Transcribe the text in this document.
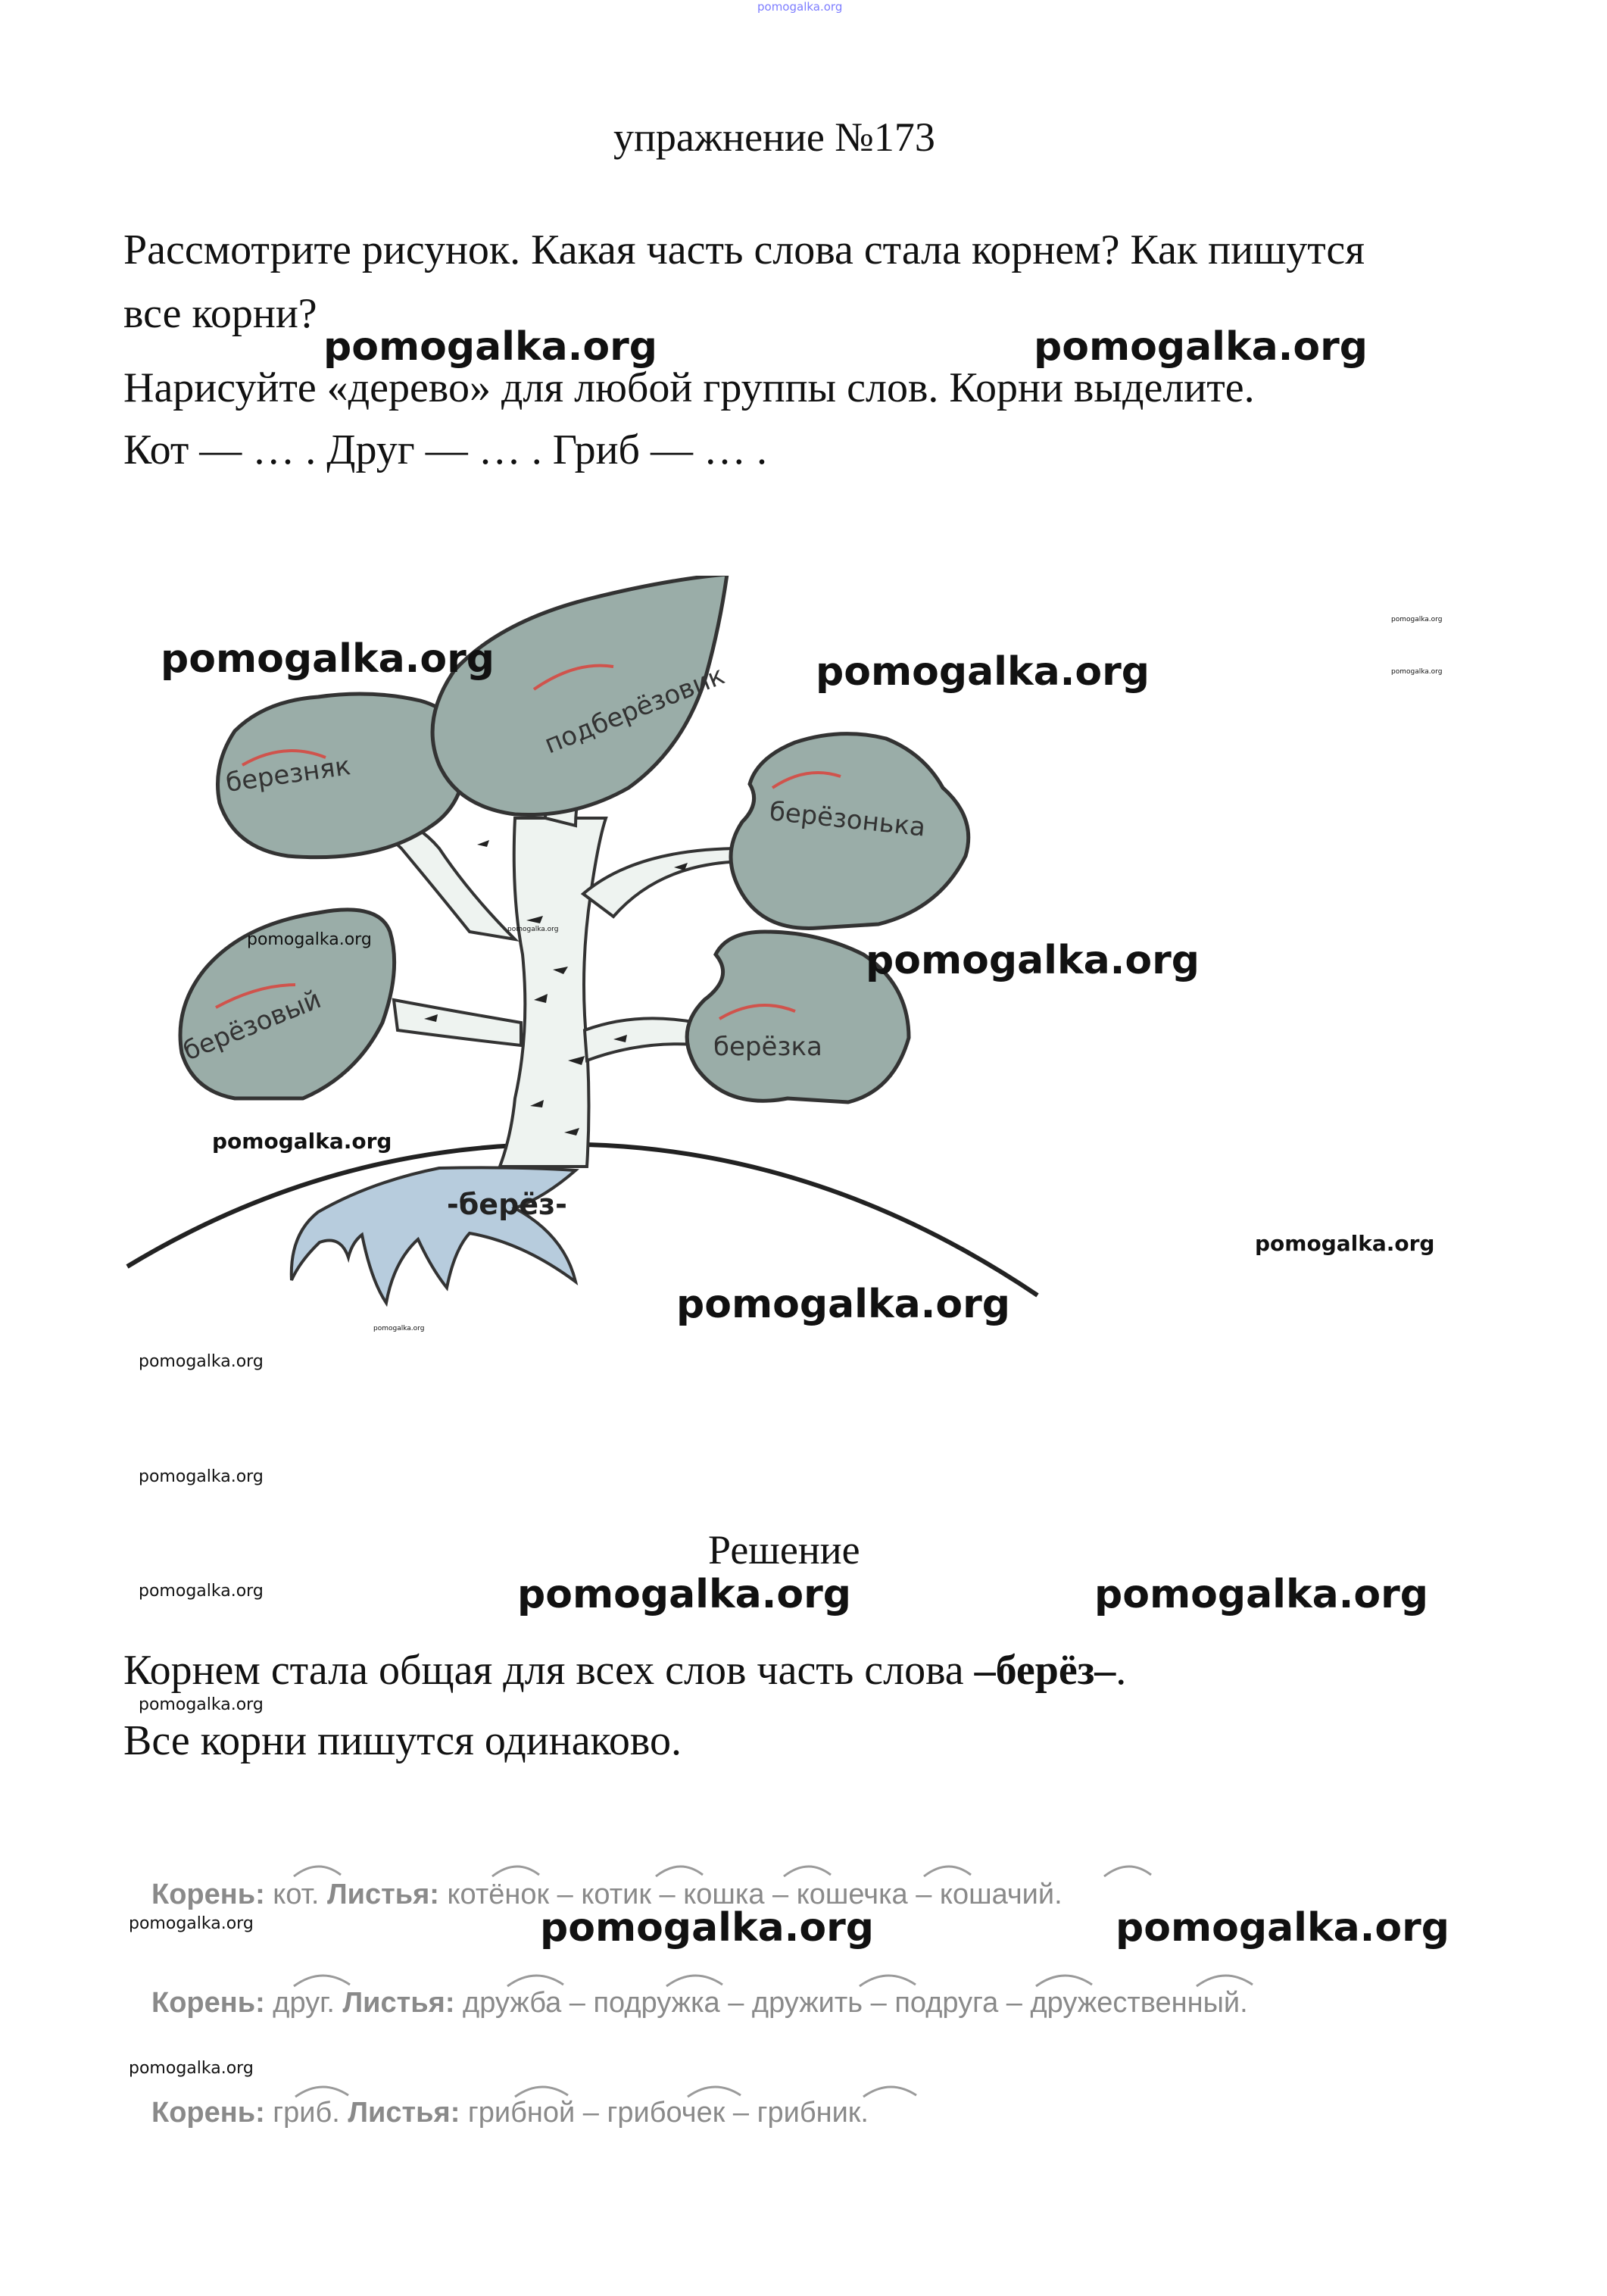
pomogalka.org
упражнение №173
Рассмотрите рисунок. Какая часть слова стала корнем? Как пишутся
все корни?
Нарисуйте «дерево» для любой группы слов. Корни выделите.
Кот — … . Друг — … . Гриб — … .
pomogalka.org	pomogalka.org
березняк
подберёзовик
берёзонька
берёзовый	берёзка
-берёз-
pomogalka.org	pomogalka.org
pomogalka.org
pomogalka.org
pomogalka.org
pomogalka.org
pomogalka.org
pomogalka.org
pomogalka.org
pomogalka.org
pomogalka.org
pomogalka.org
pomogalka.org
Решение
pomogalka.org	pomogalka.org	pomogalka.org
Корнем стала общая для всех слов часть слова –берёз–.
pomogalka.org
Все корни пишутся одинаково.
Корень: кот. Листья: котёнок – котик – кошка – кошечка – кошачий.
pomogalka.org	pomogalka.org	pomogalka.org
Корень: друг. Листья: дружба – подружка – дружить – подруга – дружественный.
pomogalka.org
Корень: гриб. Листья: грибной – грибочек – грибник.
